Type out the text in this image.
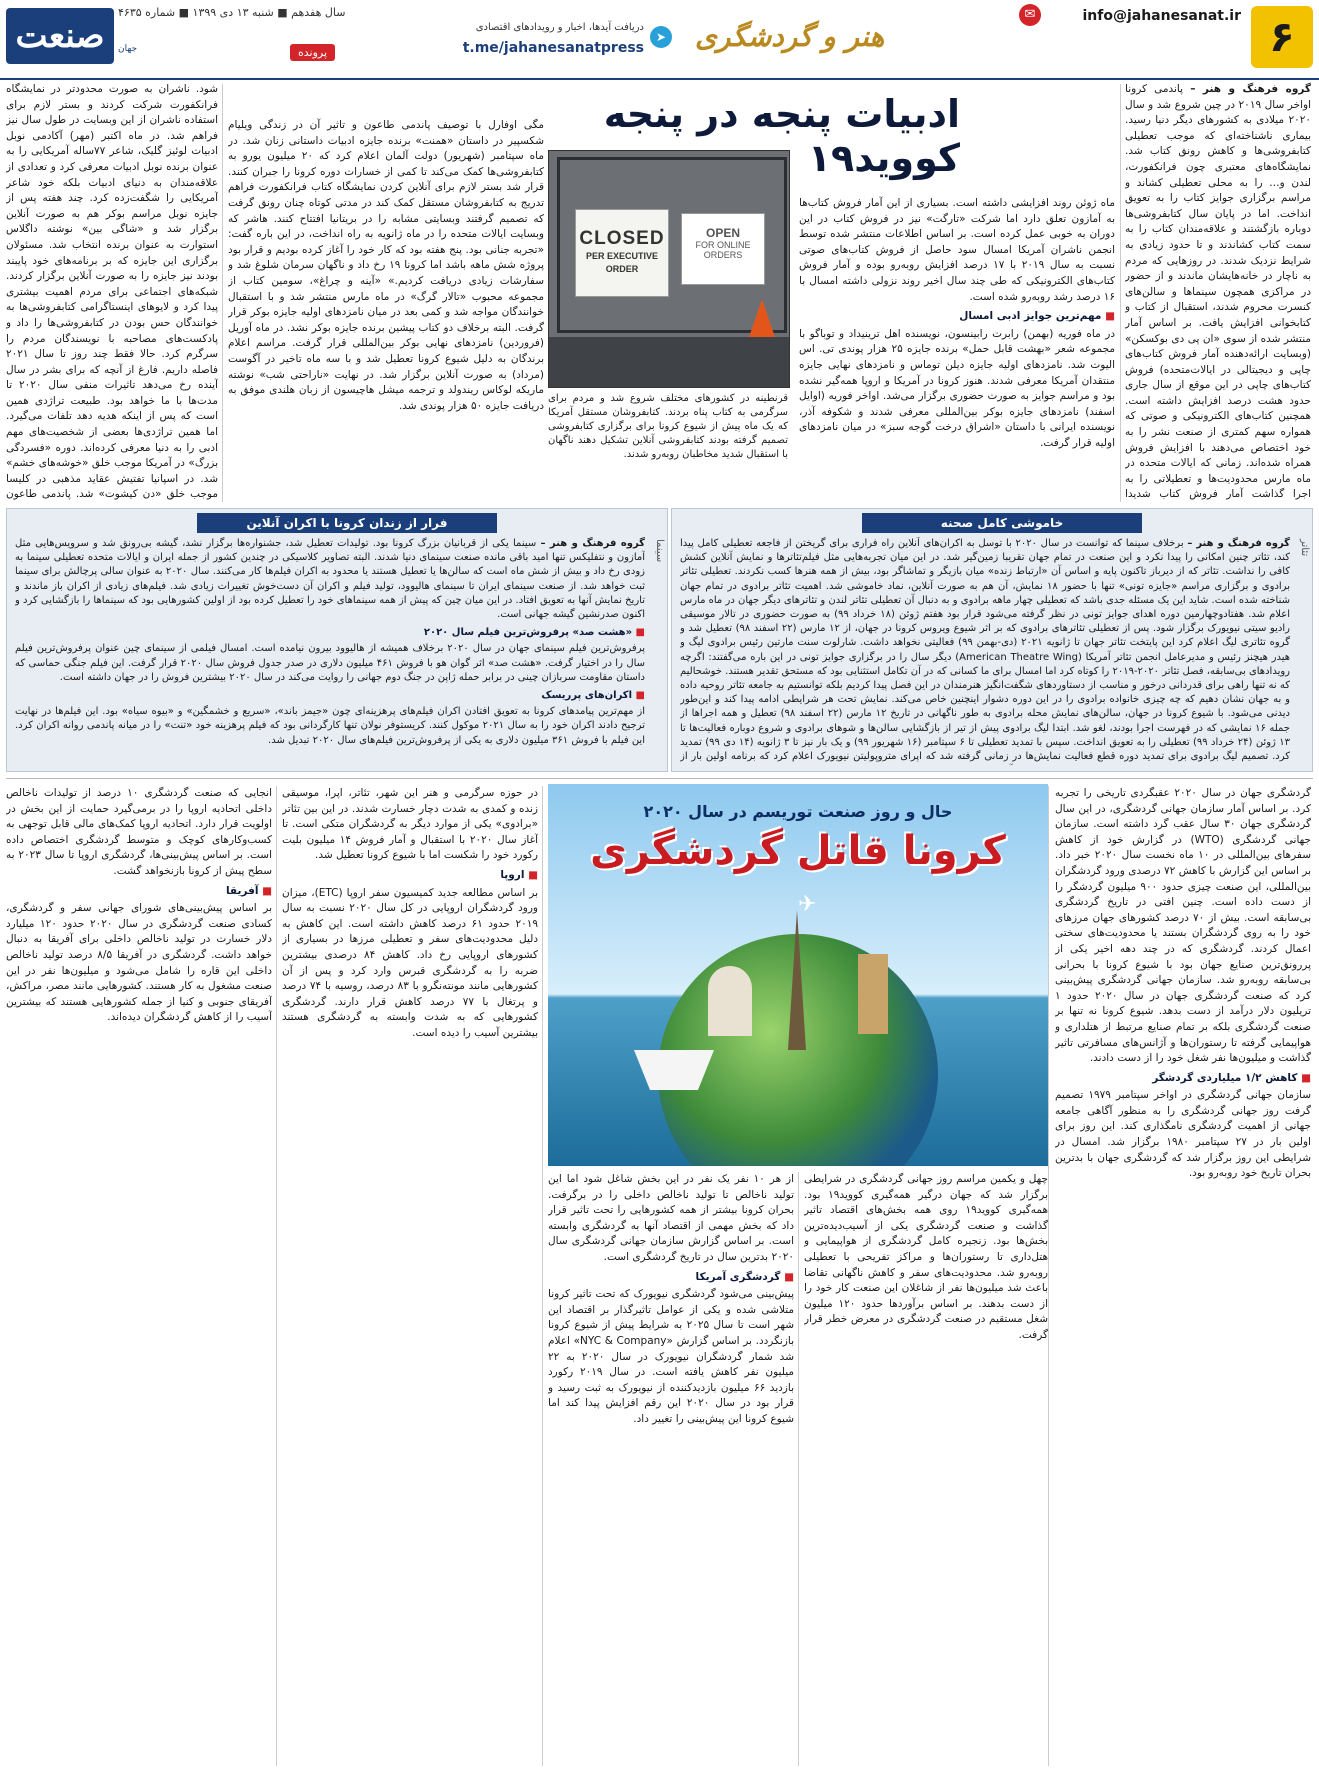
۶
info@jahanesanat.ir
✉
هنر و گردشگری
➤
دریافت آیدها، اخبار و رویدادهای اقتصادی
t.me/jahanesanatpress
صنعت	جهان
سال هفدهم ■ شنبه ۱۳ دی ۱۳۹۹ ■ شماره ۴۶۳۵
پرونده
ادبیات پنجه در پنجه کووید۱۹

گروه فرهنگ و هنر – پاندمی کرونا اواخر سال ۲۰۱۹ در چین شروع شد و سال ۲۰۲۰ میلادی به کشورهای دیگر دنیا رسید. بیماری ناشناخته‌ای که موجب تعطیلی کتابفروشی‌ها و کاهش رونق کتاب شد. نمایشگاه‌های معتبری چون فرانکفورت، لندن و… را به محلی تعطیلی کشاند و مراسم برگزاری جوایز کتاب را به تعویق انداخت. اما در پایان سال کتابفروشی‌ها دوباره بازگشتند و علاقه‌مندان کتاب را به سمت کتاب کشاندند و تا حدود زیادی به شرایط نزدیک شدند. در روزهایی که مردم به ناچار در خانه‌هایشان ماندند و از حضور در مراکزی همچون سینماها و سالن‌های کنسرت محروم شدند، استقبال از کتاب و کتابخوانی افزایش یافت. بر اساس آمار منتشر شده از سوی «ان پی دی بوکسکن» (وبسایت ارائه‌دهنده آمار فروش کتاب‌های چاپی و دیجیتالی در ایالات‌متحده) فروش کتاب‌های چاپی در این موقع از سال جاری حدود هشت درصد افزایش داشته است. همچنین کتاب‌های الکترونیکی و صوتی که همواره سهم کمتری از صنعت نشر را به خود اختصاص می‌دهند با افزایش فروش همراه شده‌اند. زمانی که ایالات متحده در ماه مارس محدودیت‌ها و تعطیلاتی را به اجرا گذاشت آمار فروش کتاب شدیدا

ماه ژوئن روند افزایشی داشته است. بسیاری از این آمار فروش کتاب‌ها به آمازون تعلق دارد اما شرکت «تارگت» نیز در فروش کتاب در این دوران به خوبی عمل کرده است. بر اساس اطلاعات منتشر شده توسط انجمن ناشران آمریکا امسال سود حاصل از فروش کتاب‌های صوتی نسبت به سال ۲۰۱۹ با ۱۷ درصد افزایش روبه‌رو بوده و آمار فروش کتاب‌های الکترونیکی که طی چند سال اخیر روند نزولی داشته امسال با ۱۶ درصد رشد روبه‌رو شده است.

■ مهم‌ترین جوایز ادبی امسال

در ماه فوریه (بهمن) رابرت رابینسون، نویسنده اهل ترینیداد و توباگو با مجموعه شعر «بهشت قابل حمل» برنده جایزه ۲۵ هزار پوندی تی. اس الیوت شد. نامزدهای اولیه جایزه دیلن توماس و نامزدهای نهایی جایزه منتقدان آمریکا معرفی شدند. هنوز کرونا در آمریکا و اروپا همه‌گیر نشده بود و مراسم جوایز به صورت حضوری برگزار می‌شد. اواخر فوریه (اوایل اسفند) نامزدهای جایزه بوکر بین‌المللی معرفی شدند و شکوفه آذر، نویسنده ایرانی با داستان «اشراق درخت گوجه سبز» در میان نامزدهای اولیه قرار گرفت.

CLOSED
PER EXECUTIVE ORDER
OPEN
FOR ONLINE ORDERS
قرنطینه در کشورهای مختلف شروع شد و مردم برای سرگرمی به کتاب پناه بردند. کتابفروشان مستقل آمریکا که یک ماه پیش از شیوع کرونا برای برگزاری کتابفروشی تصمیم گرفته بودند کتابفروشی آنلاین تشکیل دهند ناگهان با استقبال شدید مخاطبان روبه‌رو شدند.

مگی اوفارل با توصیف پاندمی طاعون و تاثیر آن در زندگی ویلیام شکسپیر در داستان «همنت» برنده جایزه ادبیات داستانی زنان شد. در ماه سپتامبر (شهریور) دولت آلمان اعلام کرد که ۲۰ میلیون یورو به کتابفروشی‌ها کمک می‌کند تا کمی از خسارات دوره کرونا را جبران کنند. قرار شد بستر لازم برای آنلاین کردن نمایشگاه کتاب فرانکفورت فراهم تدریج به کتابفروشان مستقل کمک کند در مدتی کوتاه چنان رونق گرفت که تصمیم گرفتند وبسایتی مشابه را در بریتانیا افتتاح کنند. هاشر که وبسایت ایالات متحده را در ماه ژانویه به راه انداخت، در این باره گفت: «تجربه جنانی بود. پنج هفته بود که کار خود را آغاز کرده بودیم و قرار بود پروژه شش ماهه باشد اما کرونا ۱۹ رخ داد و ناگهان سرمان شلوغ شد و سفارشات زیادی دریافت کردیم.» «آینه و چراغ»، سومین کتاب از مجموعه محبوب «تالار گرگ» در ماه مارس منتشر شد و با استقبال خوانندگان مواجه شد و کمی بعد در میان نامزدهای اولیه جایزه بوکر قرار گرفت. البته برخلاف دو کتاب پیشین برنده جایزه بوکر نشد. در ماه آوریل (فروردین) نامزدهای نهایی بوکر بین‌المللی قرار گرفت. مراسم اعلام برندگان به دلیل شیوع کرونا تعطیل شد و با سه ماه تاخیر در آگوست (مرداد) به صورت آنلاین برگزار شد. در نهایت «ناراحتی شب» نوشته ماریکه لوکاس ریندولد و ترجمه میشل هاچیسون از زبان هلندی موفق به دریافت جایزه ۵۰ هزار پوندی شد.

شود. ناشران به صورت محدودتر در نمایشگاه فرانکفورت شرکت کردند و بستر لازم برای استفاده ناشران از این وبسایت در طول سال نیز فراهم شد. در ماه اکتبر (مهر) آکادمی نوبل ادبیات لوئیز گلیک، شاعر ۷۷ساله آمریکایی را به عنوان برنده نوبل ادبیات معرفی کرد و تعدادی از علاقه‌مندان به دنیای ادبیات بلکه خود شاعر آمریکایی را شگفت‌زده کرد. چند هفته پس از جایزه نوبل مراسم بوکر هم به صورت آنلاین برگزار شد و «شاگی بین» نوشته داگلاس استوارت به عنوان برنده انتخاب شد. مسئولان برگزاری این جایزه که بر برنامه‌های خود پایبند بودند نیز جایزه را به صورت آنلاین برگزار کردند. شبکه‌های اجتماعی برای مردم اهمیت بیشتری پیدا کرد و لایوهای اینستاگرامی کتابفروشی‌ها به خوانندگان حس بودن در کتابفروشی‌ها را داد و پادکست‌های مصاحبه با نویسندگان مردم را سرگرم کرد. حالا فقط چند روز تا سال ۲۰۲۱ فاصله داریم. فارغ از آنچه که برای بشر در سال آینده رخ می‌دهد تاثیرات منفی سال ۲۰۲۰ تا مدت‌ها با ما خواهد بود. طبیعت تراژدی همین است که پس از اینکه هدیه دهد تلفات می‌گیرد. اما همین تراژدی‌ها بعضی از شخصیت‌های مهم ادبی را به دنیا معرفی کرده‌اند. دوره «فسردگی بزرگ» در آمریکا موجب خلق «خوشه‌های خشم» شد. در اسپانیا تفتیش عقاید مذهبی در کلیسا موجب خلق «دن کیشوت» شد. پاندمی طاعون

خاموشی کامل صحنه
تئاتر

گروه فرهنگ و هنر – برخلاف سینما که توانست در سال ۲۰۲۰ با توسل به اکران‌های آنلاین راه فراری برای گریختن از فاجعه تعطیلی کامل پیدا کند، تئاتر چنین امکانی را پیدا نکرد و این صنعت در تمام جهان تقریبا زمین‌گیر شد. در این میان تجربه‌هایی مثل فیلم‌تئاترها و نمایش آنلاین کشش کافی را نداشت. تئاتر که از دیرباز تاکنون پایه و اساس آن «ارتباط زنده» میان بازیگر و تماشاگر بود، بیش از همه هنرها کسب نکردند. تعطیلی تئاتر برادوی و برگزاری مراسم «جایزه تونی» تنها با حضور ۱۸ نمایش، آن هم به صورت آنلاین، نماد خاموشی شد. اهمیت تئاتر برادوی در تمام جهان شناخته شده است. شاید این یک مسئله جدی باشد که تعطیلی چهار ماهه برادوی و به دنبال آن تعطیلی تئاتر لندن و تئاترهای دیگر جهان در ماه مارس اعلام شد. هفتادوچهارمین دوره اهدای جوایز تونی در نظر گرفته می‌شود قرار بود هفتم ژوئن (۱۸ خرداد ۹۹) به صورت حضوری در تالار موسیقی رادیو سیتی نیویورک برگزار شود. پس از تعطیلی تئاترهای برادوی که بر اثر شیوع ویروس کرونا در جهان، از ۱۲ مارس (۲۲ اسفند ۹۸) تعطیل شد و گروه تئاتری لیگ اعلام کرد این پایتخت تئاتر جهان تا ژانویه ۲۰۲۱ (دی-بهمن ۹۹) فعالیتی نخواهد داشت. شارلوت سنت مارتین رئیس برادوی لیگ و هیدر هیچنز رئیس و مدیرعامل انجمن تئاتر آمریکا (American Theatre Wing) دیگر سال را در برگزاری جوایز تونی در این باره می‌گفتند: اگرچه رویدادهای بی‌سابقه، فصل تئاتر ۲۰۲۰-۲۰۱۹ را کوتاه کرد اما امسال برای ما کسانی که در آن تکامل استثنایی بود که مستحق تقدیر هستند. خوشحالیم که نه تنها راهی برای قدردانی درخور و مناسب از دستاوردهای شگفت‌انگیز هنرمندان در این فصل پیدا کردیم بلکه توانستیم به جامعه تئاتر روحیه داده و به جهان نشان دهیم که چه چیزی خانواده برادوی را در این دوره دشوار اینچنین خاص می‌کند. نمایش تحت هر شرایطی ادامه پیدا کند و این‌طور دیدنی می‌شود. با شیوع کرونا در جهان، سالن‌های نمایش محله برادوی به طور ناگهانی در تاریخ ۱۲ مارس (۲۲ اسفند ۹۸) تعطیل و همه اجراها از جمله ۱۶ نمایشی که در فهرست اجرا بودند، لغو شد. ابتدا لیگ برادوی پیش از تیر از بازگشایی سالن‌ها و شوهای برادوی و شروع دوباره فعالیت‌ها تا ۱۳ ژوئن (۲۴ خرداد ۹۹) تعطیلی را به تعویق انداخت. سپس با تمدید تعطیلی تا ۶ سپتامبر (۱۶ شهریور ۹۹) و یک بار نیز تا ۳ ژانویه (۱۴ دی ۹۹) تمدید کرد. تصمیم لیگ برادوی برای تمدید دوره قطع فعالیت نمایش‌ها در زمانی گرفته شد که اپرای متروپولیتن نیویورک اعلام کرد که برنامه اولین بار از

فرار از زندان کرونا با اکران آنلاین
سینما

گروه فرهنگ و هنر – سینما یکی از قربانیان بزرگ کرونا بود. تولیدات تعطیل شد، جشنواره‌ها برگزار نشد، گیشه بی‌رونق شد و سرویس‌هایی مثل آمازون و نتفلیکس تنها امید باقی مانده صنعت سینمای دنیا شدند. البته تصاویر کلاسیکی در چندین کشور از جمله ایران و ایالات متحده تعطیلی سینما به زودی رخ داد و بیش از شش ماه است که سالن‌ها یا تعطیل هستند یا محدود به اکران فیلم‌ها کار می‌کنند. سال ۲۰۲۰ به عنوان سالی پرچالش برای سینما ثبت خواهد شد. از صنعت سینمای ایران تا سینمای هالیوود، تولید فیلم و اکران آن دست‌خوش تغییرات زیادی شد. فیلم‌های زیادی از اکران باز ماندند و تاریخ نمایش آنها به تعویق افتاد. در این میان چین که پیش از همه سینماهای خود را تعطیل کرده بود از اولین کشورهایی بود که سینماها را بازگشایی کرد و اکنون صدرنشین گیشه جهانی است.

■ «هشت صد» پرفروش‌ترین فیلم سال ۲۰۲۰

پرفروش‌ترین فیلم سینمای جهان در سال ۲۰۲۰ برخلاف همیشه از هالیوود بیرون نیامده است. امسال فیلمی از سینمای چین عنوان پرفروش‌ترین فیلم سال را در اختیار گرفت. «هشت صد» اثر گوان هو با فروش ۴۶۱ میلیون دلاری در صدر جدول فروش سال ۲۰۲۰ قرار گرفت. این فیلم جنگی حماسی که داستان مقاومت سربازان چینی در برابر حمله ژاپن در جنگ دوم جهانی را روایت می‌کند در سال ۲۰۲۰ بیشترین فروش را در جهان داشته است.

■ اکران‌های پرریسک

از مهم‌ترین پیامدهای کرونا به تعویق افتادن اکران فیلم‌های پرهزینه‌ای چون «جیمز باند»، «سریع و خشمگین» و «بیوه سیاه» بود. این فیلم‌ها در نهایت ترجیح دادند اکران خود را به سال ۲۰۲۱ موکول کنند. کریستوفر نولان تنها کارگردانی بود که فیلم پرهزینه خود «تنت» را در میانه پاندمی روانه اکران کرد. این فیلم با فروش ۳۶۱ میلیون دلاری به یکی از پرفروش‌ترین فیلم‌های سال ۲۰۲۰ تبدیل شد.

حال و روز صنعت توریسم در سال ۲۰۲۰
کرونا قاتل گردشگری
✈

گردشگری جهان در سال ۲۰۲۰ عقبگردی تاریخی را تجربه کرد. بر اساس آمار سازمان جهانی گردشگری، در این سال گردشگری جهان ۳۰ سال عقب گرد داشته است. سازمان جهانی گردشگری (WTO) در گزارش خود از کاهش سفرهای بین‌المللی در ۱۰ ماه نخست سال ۲۰۲۰ خبر داد. بر اساس این گزارش با کاهش ۷۲ درصدی ورود گردشگران بین‌المللی، این صنعت چیزی حدود ۹۰۰ میلیون گردشگر را از دست داده است. چنین افتی در تاریخ گردشگری بی‌سابقه است. بیش از ۷۰ درصد کشورهای جهان مرزهای خود را به روی گردشگران بستند یا محدودیت‌های سختی اعمال کردند. گردشگری که در چند دهه اخیر یکی از پررونق‌ترین صنایع جهان بود با شیوع کرونا با بحرانی بی‌سابقه روبه‌رو شد. سازمان جهانی گردشگری پیش‌بینی کرد که صنعت گردشگری جهان در سال ۲۰۲۰ حدود ۱ تریلیون دلار درآمد از دست بدهد. شیوع کرونا نه تنها بر صنعت گردشگری بلکه بر تمام صنایع مرتبط از هتلداری و هواپیمایی گرفته تا رستوران‌ها و آژانس‌های مسافرتی تاثیر گذاشت و میلیون‌ها نفر شغل خود را از دست دادند.

■ کاهش ۱/۲ میلیاردی گردشگر

سازمان جهانی گردشگری در اواخر سپتامبر ۱۹۷۹ تصمیم گرفت روز جهانی گردشگری را به منظور آگاهی جامعه جهانی از اهمیت گردشگری نامگذاری کند. این روز برای اولین بار در ۲۷ سپتامبر ۱۹۸۰ برگزار شد. امسال در شرایطی این روز برگزار شد که گردشگری جهان با بدترین بحران تاریخ خود روبه‌رو بود.

چهل و یکمین مراسم روز جهانی گردشگری در شرایطی برگزار شد که جهان درگیر همه‌گیری کووید۱۹ بود. همه‌گیری کووید۱۹ روی همه بخش‌های اقتصاد تاثیر گذاشت و صنعت گردشگری یکی از آسیب‌دیده‌ترین بخش‌ها بود. زنجیره کامل گردشگری از هواپیمایی و هتل‌داری تا رستوران‌ها و مراکز تفریحی با تعطیلی روبه‌رو شد. محدودیت‌های سفر و کاهش ناگهانی تقاضا باعث شد میلیون‌ها نفر از شاغلان این صنعت کار خود را از دست بدهند. بر اساس برآوردها حدود ۱۲۰ میلیون شغل مستقیم در صنعت گردشگری در معرض خطر قرار گرفت.

از هر ۱۰ نفر یک نفر در این بخش شاغل شود اما این تولید ناخالص تا تولید ناخالص داخلی را در برگرفت. بحران کرونا بیشتر از همه کشورهایی را تحت تاثیر قرار داد که بخش مهمی از اقتصاد آنها به گردشگری وابسته است. بر اساس گزارش سازمان جهانی گردشگری سال ۲۰۲۰ بدترین سال در تاریخ گردشگری است.

■ گردشگری آمریکا

پیش‌بینی می‌شود گردشگری نیویورک که تحت تاثیر کرونا متلاشی شده و یکی از عوامل تاثیرگذار بر اقتصاد این شهر است تا سال ۲۰۲۵ به شرایط پیش از شیوع کرونا بازنگردد. بر اساس گزارش «NYC & Company» اعلام شد شمار گردشگران نیویورک در سال ۲۰۲۰ به ۲۲ میلیون نفر کاهش یافته است. در سال ۲۰۱۹ رکورد بازدید ۶۶ میلیون بازدیدکننده از نیویورک به ثبت رسید و قرار بود در سال ۲۰۲۰ این رقم افزایش پیدا کند اما شیوع کرونا این پیش‌بینی را تغییر داد.

در حوزه سرگرمی و هنر این شهر، تئاتر، اپرا، موسیقی زنده و کمدی به شدت دچار خسارت شدند. در این بین تئاتر «برادوی» یکی از موارد دیگر به گردشگران متکی است. تا آغاز سال ۲۰۲۰ با استقبال و آمار فروش ۱۴ میلیون بلیت رکورد خود را شکست اما با شیوع کرونا تعطیل شد.

■ اروپا

بر اساس مطالعه جدید کمیسیون سفر اروپا (ETC)، میزان ورود گردشگران اروپایی در کل سال ۲۰۲۰ نسبت به سال ۲۰۱۹ حدود ۶۱ درصد کاهش داشته است. این کاهش به دلیل محدودیت‌های سفر و تعطیلی مرزها در بسیاری از کشورهای اروپایی رخ داد. کاهش ۸۴ درصدی بیشترین ضربه را به گردشگری قبرس وارد کرد و پس از آن کشورهایی مانند مونته‌نگرو با ۸۳ درصد، روسیه با ۷۴ درصد و پرتغال با ۷۷ درصد کاهش قرار دارند. گردشگری کشورهایی که به شدت وابسته به گردشگری هستند بیشترین آسیب را دیده است.

انجایی که صنعت گردشگری ۱۰ درصد از تولیدات ناخالص داخلی اتحادیه اروپا را در برمی‌گیرد حمایت از این بخش در اولویت قرار دارد. اتحادیه اروپا کمک‌های مالی قابل توجهی به کسب‌وکارهای کوچک و متوسط گردشگری اختصاص داده است. بر اساس پیش‌بینی‌ها، گردشگری اروپا تا سال ۲۰۲۳ به سطح پیش از کرونا بازنخواهد گشت.

■ آفریقا

بر اساس پیش‌بینی‌های شورای جهانی سفر و گردشگری، کسادی صنعت گردشگری در سال ۲۰۲۰ حدود ۱۲۰ میلیارد دلار خسارت در تولید ناخالص داخلی برای آفریقا به دنبال خواهد داشت. گردشگری در آفریقا ۸/۵ درصد تولید ناخالص داخلی این قاره را شامل می‌شود و میلیون‌ها نفر در این صنعت مشغول به کار هستند. کشورهایی مانند مصر، مراکش، آفریقای جنوبی و کنیا از جمله کشورهایی هستند که بیشترین آسیب را از کاهش گردشگران دیده‌اند.
